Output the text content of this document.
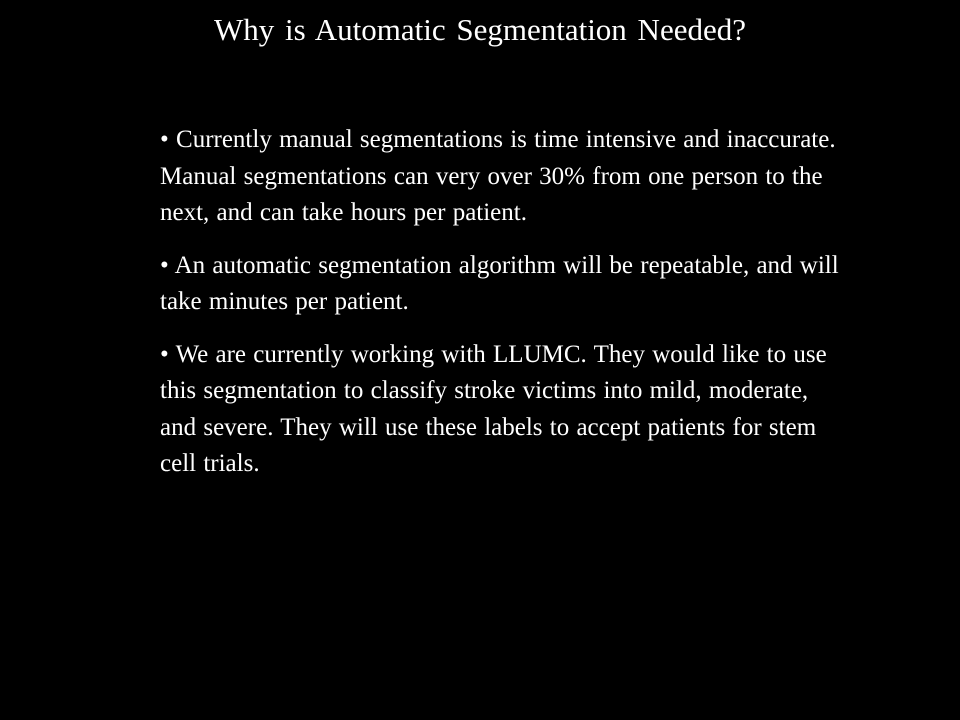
Why is Automatic Segmentation Needed?
• Currently manual segmentations is time intensive and inaccurate. Manual segmentations can very over 30% from one person to the next, and can take hours per patient.
• An automatic segmentation algorithm will be repeatable, and will take minutes per patient.
• We are currently working with LLUMC. They would like to use this segmentation to classify stroke victims into mild, moderate, and severe. They will use these labels to accept patients for stem cell trials.
